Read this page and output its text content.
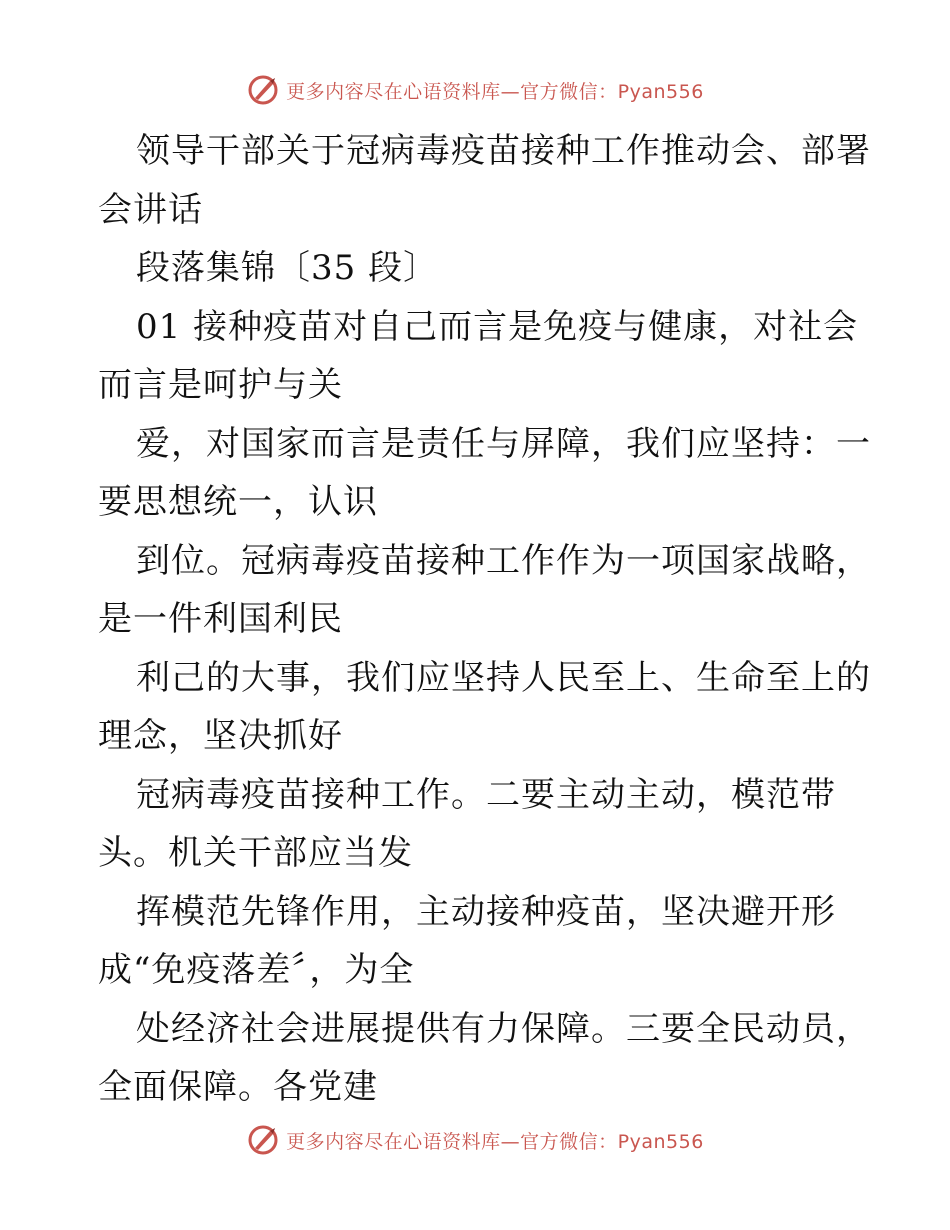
更多内容尽在心语资料库—官方微信：Pyan556

领导干部关于冠病毒疫苗接种工作推动会、部署

会讲话

段落集锦〔35 段〕

01 接种疫苗对自己而言是免疫与健康，对社会

而言是呵护与关

爱，对国家而言是责任与屏障，我们应坚持：一

要思想统一，认识

到位。冠病毒疫苗接种工作作为一项国家战略，

是一件利国利民

利己的大事，我们应坚持人民至上、生命至上的

理念，坚决抓好

冠病毒疫苗接种工作。二要主动主动，模范带

头。机关干部应当发

挥模范先锋作用，主动接种疫苗，坚决避开形

成“免疫落差〞，为全

处经济社会进展提供有力保障。三要全民动员，

全面保障。各党建

更多内容尽在心语资料库—官方微信：Pyan556
